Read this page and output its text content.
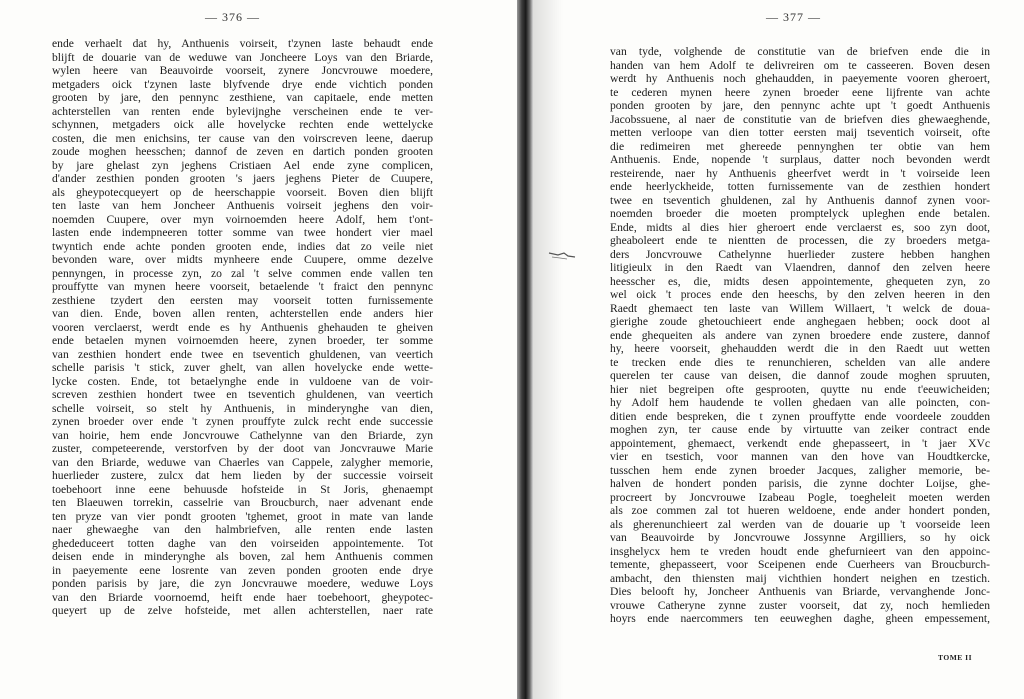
— 376 —
ende verhaelt dat hy, Anthuenis voirseit, t'zynen laste behaudt ende
blijft de douarie van de weduwe van Joncheere Loys van den Briarde,
wylen heere van Beauvoirde voorseit, zynere Joncvrouwe moedere,
metgaders oick t'zynen laste blyfvende drye ende vichtich ponden
grooten by jare, den pennync zesthiene, van capitaele, ende metten
achterstellen van renten ende bylevijnghe verscheinen ende te ver-
schynnen, metgaders oick alle hovelycke rechten ende wettelycke
costen, die men enichsins, ter cause van den voirscreven leene, daerup
zoude moghen heesschen; dannof de zeven en dartich ponden grooten
by jare ghelast zyn jeghens Cristiaen Ael ende zyne complicen,
d'ander zesthien ponden grooten 's jaers jeghens Pieter de Cuupere,
als gheypotecqueyert op de heerschappie voorseit. Boven dien blijft
ten laste van hem Joncheer Anthuenis voirseit jeghens den voir-
noemden Cuupere, over myn voirnoemden heere Adolf, hem t'ont-
lasten ende indempneeren totter somme van twee hondert vier mael
twyntich ende achte ponden grooten ende, indies dat zo veile niet
bevonden ware, over midts mynheere ende Cuupere, omme dezelve
pennyngen, in processe zyn, zo zal 't selve commen ende vallen ten
prouffytte van mynen heere voorseit, betaelende 't fraict den pennync
zesthiene tzydert den eersten may voorseit totten furnissemente
van dien. Ende, boven allen renten, achterstellen ende anders hier
vooren verclaerst, werdt ende es hy Anthuenis ghehauden te gheiven
ende betaelen mynen voirnoemden heere, zynen broeder, ter somme
van zesthien hondert ende twee en tseventich ghuldenen, van veertich
schelle parisis 't stick, zuver ghelt, van allen hovelycke ende wette-
lycke costen. Ende, tot betaelynghe ende in vuldoene van de voir-
screven zesthien hondert twee en tseventich ghuldenen, van veertich
schelle voirseit, so stelt hy Anthuenis, in minderynghe van dien,
zynen broeder over ende 't zynen prouffyte zulck recht ende successie
van hoirie, hem ende Joncvrouwe Cathelynne van den Briarde, zyn
zuster, competeerende, verstorfven by der doot van Joncvrauwe Marie
van den Briarde, weduwe van Chaerles van Cappele, zalygher memorie,
huerlieder zustere, zulcx dat hem lieden by der successie voirseit
toebehoort inne eene behuusde hofsteide in St Joris, ghenaempt
ten Blaeuwen torrekin, casselrie van Broucburch, naer advenant ende
ten pryze van vier pondt grooten 'tghemet, groot in mate van lande
naer ghewaeghe van den halmbriefven, alle renten ende lasten
ghededuceert totten daghe van den voirseiden appointemente. Tot
deisen ende in minderynghe als boven, zal hem Anthuenis commen
in paeyemente eene losrente van zeven ponden grooten ende drye
ponden parisis by jare, die zyn Joncvrauwe moedere, weduwe Loys
van den Briarde voornoemd, heift ende haer toebehoort, gheypotec-
queyert up de zelve hofsteide, met allen achterstellen, naer rate
— 377 —
van tyde, volghende de constitutie van de briefven ende die in
handen van hem Adolf te delivreiren om te casseeren. Boven desen
werdt hy Anthuenis noch ghehaudden, in paeyemente vooren gheroert,
te cederen mynen heere zynen broeder eene lijfrente van achte
ponden grooten by jare, den pennync achte upt 't goedt Anthuenis
Jacobssuene, al naer de constitutie van de briefven dies ghewaeghende,
metten verloope van dien totter eersten maij tseventich voirseit, ofte
die redimeiren met ghereede pennynghen ter obtie van hem
Anthuenis. Ende, nopende 't surplaus, datter noch bevonden werdt
resteirende, naer hy Anthuenis gheerfvet werdt in 't voirseide leen
ende heerlyckheide, totten furnissemente van de zesthien hondert
twee en tseventich ghuldenen, zal hy Anthuenis dannof zynen voor-
noemden broeder die moeten promptelyck upleghen ende betalen.
Ende, midts al dies hier gheroert ende verclaerst es, soo zyn doot,
gheaboleert ende te nientten de processen, die zy broeders metga-
ders Joncvrouwe Cathelynne huerlieder zustere hebben hanghen
litigieulx in den Raedt van Vlaendren, dannof den zelven heere
heesscher es, die, midts desen appointemente, ghequeten zyn, zo
wel oick 't proces ende den heeschs, by den zelven heeren in den
Raedt ghemaect ten laste van Willem Willaert, 't welck de doua-
gierighe zoude ghetouchieert ende anghegaen hebben; oock doot al
ende ghequeiten als andere van zynen broedere ende zustere, dannof
hy, heere voorseit, ghehaudden werdt die in den Raedt uut wetten
te trecken ende dies te renunchieren, schelden van alle andere
querelen ter cause van deisen, die dannof zoude moghen spruuten,
hier niet begreipen ofte gesprooten, quytte nu ende t'eeuwicheiden;
hy Adolf hem haudende te vollen ghedaen van alle poincten, con-
ditien ende bespreken, die t zynen prouffytte ende voordeele zoudden
moghen zyn, ter cause ende by virtuutte van zeiker contract ende
appointement, ghemaect, verkendt ende ghepasseert, in 't jaer XVc
vier en tsestich, voor mannen van den hove van Houdtkercke,
tusschen hem ende zynen broeder Jacques, zaligher memorie, be-
halven de hondert ponden parisis, die zynne dochter Loijse, ghe-
procreert by Joncvrouwe Izabeau Pogle, toegheleit moeten werden
als zoe commen zal tot hueren weldoene, ende ander hondert ponden,
als gherenunchieert zal werden van de douarie up 't voorseide leen
van Beauvoirde by Joncvrouwe Jossynne Argilliers, so hy oick
insghelycx hem te vreden houdt ende ghefurnieert van den appoinc-
temente, ghepasseert, voor Sceipenen ende Cuerheers van Broucburch-
ambacht, den thiensten maij vichthien hondert neighen en tzestich.
Dies belooft hy, Joncheer Anthuenis van Briarde, vervanghende Jonc-
vrouwe Catheryne zynne zuster voorseit, dat zy, noch hemlieden
hoyrs ende naercommers ten eeuweghen daghe, gheen empessement,
TOME II
